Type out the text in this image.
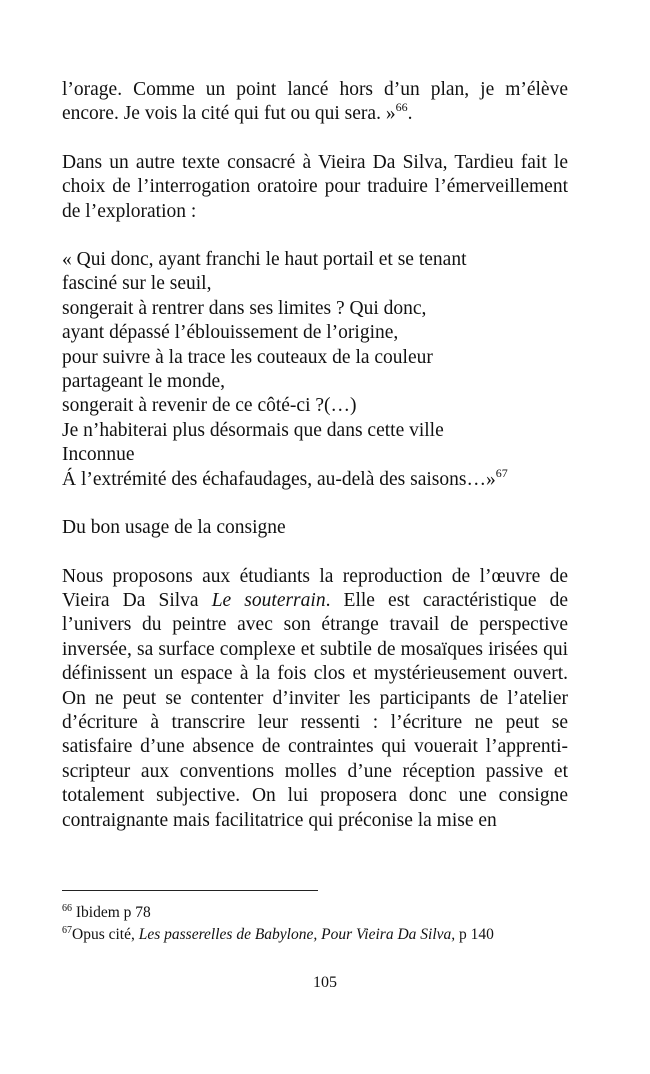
l’orage. Comme un point lancé hors d’un plan, je m’élève encore. Je vois la cité qui fut ou qui sera. »$^{66}$.

Dans un autre texte consacré à Vieira Da Silva, Tardieu fait le choix de l’interrogation oratoire pour traduire l’émerveillement de l’exploration :

« Qui donc, ayant franchi le haut portail et se tenant

fasciné sur le seuil,

songerait à rentrer dans ses limites ? Qui donc,

ayant dépassé l’éblouissement de l’origine,

pour suivre à la trace les couteaux de la couleur

partageant le monde,

songerait à revenir de ce côté-ci ?(…)

Je n’habiterai plus désormais que dans cette ville

Inconnue

Á l’extrémité des échafaudages, au-delà des saisons…»$^{67}$

Du bon usage de la consigne

Nous proposons aux étudiants la reproduction de l’œuvre de Vieira Da Silva Le souterrain. Elle est caractéristique de l’univers du peintre avec son étrange travail de perspective inversée, sa surface complexe et subtile de mosaïques irisées qui définissent un espace à la fois clos et mystérieusement ouvert. On ne peut se contenter d’inviter les participants de l’atelier d’écriture à transcrire leur ressenti : l’écriture ne peut se satisfaire d’une absence de contraintes qui vouerait l’apprenti-scripteur aux conventions molles d’une réception passive et totalement subjective. On lui proposera donc une consigne contraignante mais facilitatrice qui préconise la mise en

$^{66}$ Ibidem p 78

$^{67}$Opus cité, Les passerelles de Babylone, Pour Vieira Da Silva, p 140

105
